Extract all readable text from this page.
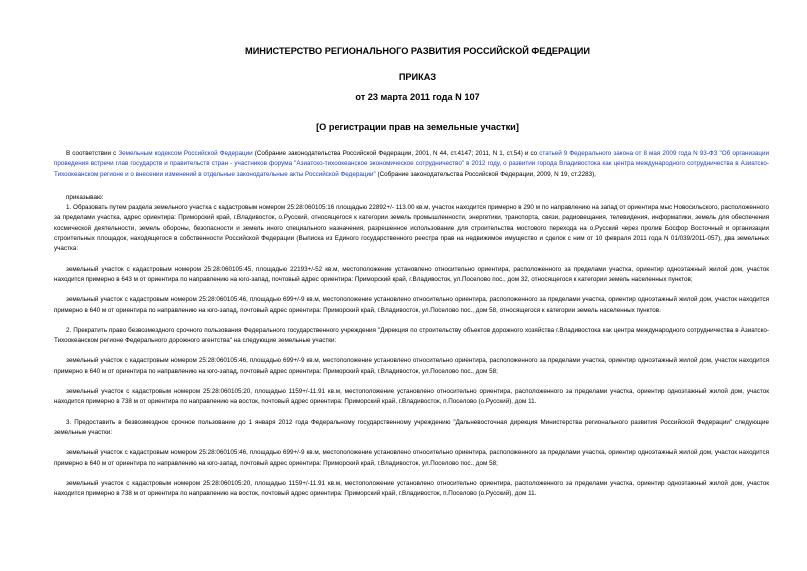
МИНИСТЕРСТВО РЕГИОНАЛЬНОГО РАЗВИТИЯ РОССИЙСКОЙ ФЕДЕРАЦИИ
ПРИКАЗ
от 23 марта 2011 года N 107
[О регистрации прав на земельные участки]

В соответствии с Земельным кодексом Российской Федерации (Собрание законодательства Российской Федерации, 2001, N 44, ст.4147; 2011, N 1, ст.54) и со статьей 9 Федерального закона от 8 мая 2009 года N 93-ФЗ "Об организации проведения встречи глав государств и правительств стран - участников форума "Азиатско-тихоокеанское экономическое сотрудничество" в 2012 году, о развитии города Владивостока как центра международного сотрудничества в Азиатско-Тихоокеанском регионе и о внесении изменений в отдельные законодательные акты Российской Федерации" (Собрание законодательства Российской Федерации, 2009, N 19, ст.2283),

приказываю:

1. Образовать путем раздела земельного участка с кадастровым номером 25:28:060105:16 площадью 22892+/- 113.00 кв.м, участок находится примерно в 290 м по направлению на запад от ориентира мыс Новосильского, расположенного за пределами участка, адрес ориентира: Приморский край, г.Владивосток, о.Русский, относящегося к категории земель промышленности, энергетики, транспорта, связи, радиовещания, телевидения, информатики, земель для обеспечения космической деятельности, земель обороны, безопасности и земель иного специального назначения, разрешенное использование для строительства мостового перехода на о.Русский через пролив Босфор Восточный и организации строительных площадок, находящегося в собственности Российской Федерации (Выписка из Единого государственного реестра прав на недвижимое имущество и сделок с ним от 10 февраля 2011 года N 01/039/2011-057), два земельных участка:

земельный участок с кадастровым номером 25:28:060105:45, площадью 22193+/-52 кв.м, местоположение установлено относительно ориентира, расположенного за пределами участка, ориентир одноэтажный жилой дом, участок находится примерно в 643 м от ориентира по направлению на юго-запад, почтовый адрес ориентира: Приморский край, г.Владивосток, ул.Поселово пос., дом 32, относящегося к категории земель населенных пунктов;

земельный участок с кадастровым номером 25:28:060105:46, площадью 699+/-9 кв.м, местоположение установлено относительно ориентира, расположенного за пределами участка, ориентир одноэтажный жилой дом, участок находится примерно в 640 м от ориентира по направлению на юго-запад, почтовый адрес ориентира: Приморский край, г.Владивосток, ул.Поселово пос., дом 58, относящегося к категории земель населенных пунктов.

2. Прекратить право безвозмездного срочного пользования Федерального государственного учреждения "Дирекция по строительству объектов дорожного хозяйства г.Владивостока как центра международного сотрудничества в Азиатско-Тихоокеанском регионе Федерального дорожного агентства" на следующие земельные участки:

земельный участок с кадастровым номером 25:28:060105:46, площадью 699+/-9 кв.м, местоположение установлено относительно ориентира, расположенного за пределами участка, ориентир одноэтажный жилой дом, участок находится примерно в 640 м от ориентира по направлению на юго-запад, почтовый адрес ориентира: Приморский край, г.Владивосток, ул.Поселово пос., дом 58;

земельный участок с кадастровым номером 25:28:060105:20, площадью 1159+/-11.91 кв.м, местоположение установлено относительно ориентира, расположенного за пределами участка, ориентир одноэтажный жилой дом, участок находится примерно в 738 м от ориентира по направлению на восток, почтовый адрес ориентира: Приморский край, г.Владивосток, п.Поселово (о.Русский), дом 11.

3. Предоставить в безвозмездное срочное пользование до 1 января 2012 года Федеральному государственному учреждению "Дальневосточная дирекция Министерства регионального развития Российской Федерации" следующие земельные участки:

земельный участок с кадастровым номером 25:28:060105:46, площадью 699+/-9 кв.м, местоположение установлено относительно ориентира, расположенного за пределами участка, ориентир одноэтажный жилой дом, участок находится примерно в 640 м от ориентира по направлению на юго-запад, почтовый адрес ориентира: Приморский край, г.Владивосток, ул.Поселово пос., дом 58;

земельный участок с кадастровым номером 25:28:060105:20, площадью 1159+/-11.91 кв.м, местоположение установлено относительно ориентира, расположенного за пределами участка, ориентир одноэтажный жилой дом, участок находится примерно в 738 м от ориентира по направлению на восток, почтовый адрес ориентира: Приморский край, г.Владивосток, п.Поселово (о.Русский), дом 11.
